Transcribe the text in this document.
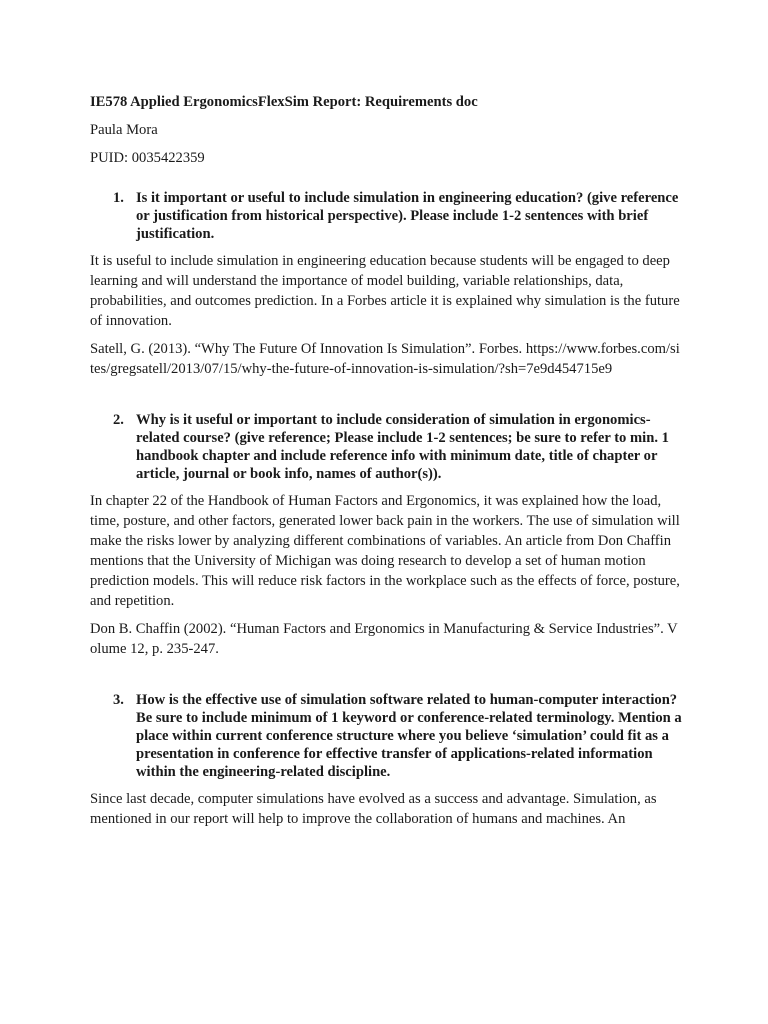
IE578 Applied ErgonomicsFlexSim Report: Requirements doc

Paula Mora

PUID: 0035422359

1. Is it important or useful to include simulation in engineering education? (give reference or justification from historical perspective). Please include 1-2 sentences with brief justification.

It is useful to include simulation in engineering education because students will be engaged to deep learning and will understand the importance of model building, variable relationships, data, probabilities, and outcomes prediction. In a Forbes article it is explained why simulation is the future of innovation.

Satell, G. (2013). “Why The Future Of Innovation Is Simulation”. Forbes. https://www.forbes.com/sites/gregsatell/2013/07/15/why-the-future-of-innovation-is-simulation/?sh=7e9d454715e9

2. Why is it useful or important to include consideration of simulation in ergonomics-related course? (give reference; Please include 1-2 sentences; be sure to refer to min. 1 handbook chapter and include reference info with minimum date, title of chapter or article, journal or book info, names of author(s)).

In chapter 22 of the Handbook of Human Factors and Ergonomics, it was explained how the load, time, posture, and other factors, generated lower back pain in the workers. The use of simulation will make the risks lower by analyzing different combinations of variables. An article from Don Chaffin mentions that the University of Michigan was doing research to develop a set of human motion prediction models. This will reduce risk factors in the workplace such as the effects of force, posture, and repetition.

Don B. Chaffin (2002). “Human Factors and Ergonomics in Manufacturing & Service Industries”. Volume 12, p. 235-247.

3. How is the effective use of simulation software related to human-computer interaction? Be sure to include minimum of 1 keyword or conference-related terminology. Mention a place within current conference structure where you believe ‘simulation’ could fit as a presentation in conference for effective transfer of applications-related information within the engineering-related discipline.

Since last decade, computer simulations have evolved as a success and advantage. Simulation, as mentioned in our report will help to improve the collaboration of humans and machines. An
